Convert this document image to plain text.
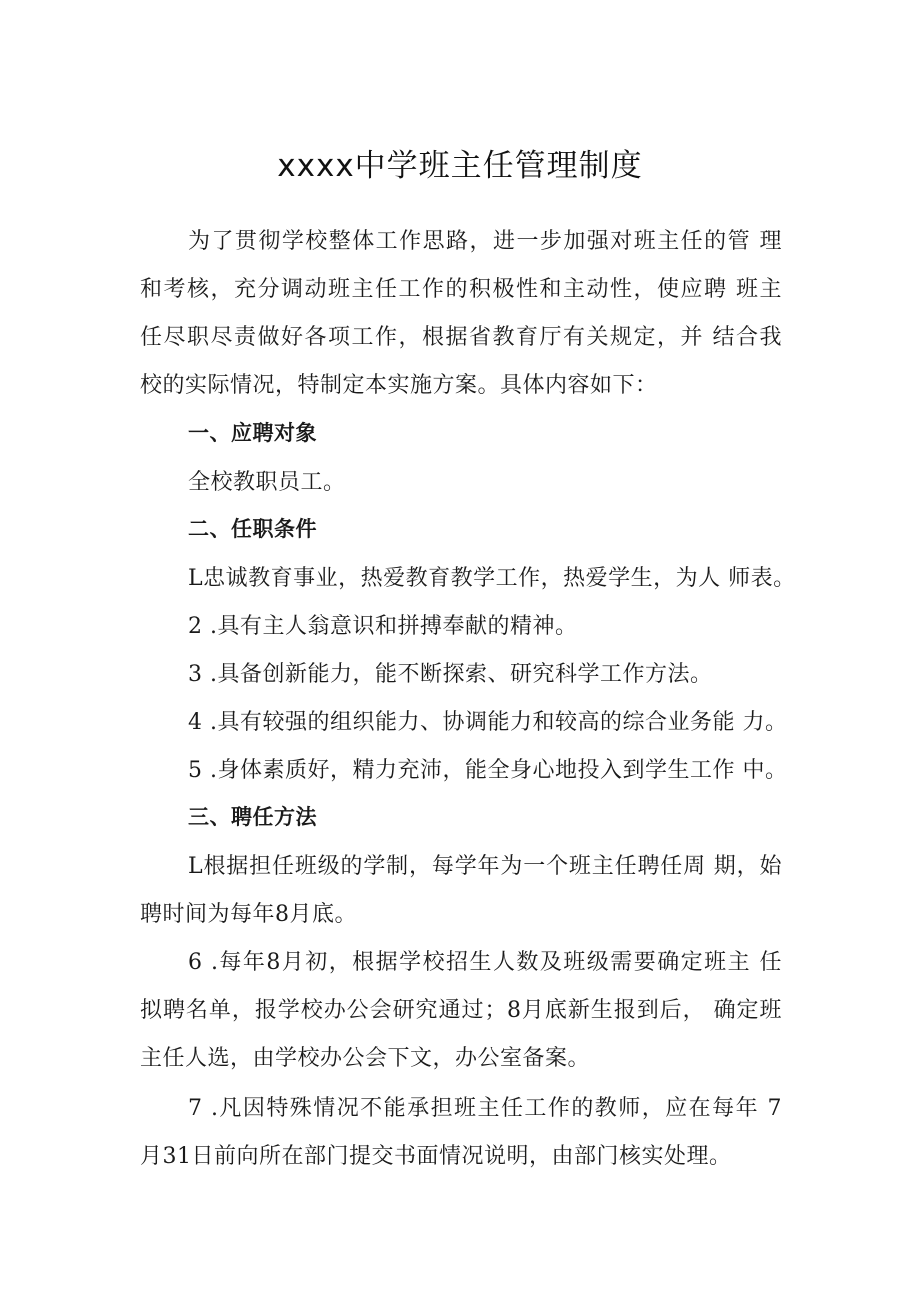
xxxx中学班主任管理制度
为了贯彻学校整体工作思路，进一步加强对班主任的管 理
和考核，充分调动班主任工作的积极性和主动性，使应聘 班主
任尽职尽责做好各项工作，根据省教育厅有关规定，并 结合我
校的实际情况，特制定本实施方案。具体内容如下：
一、应聘对象
全校教职员工。
二、任职条件
L忠诚教育事业，热爱教育教学工作，热爱学生，为人 师表。
2 .具有主人翁意识和拼搏奉献的精神。
3 .具备创新能力，能不断探索、研究科学工作方法。
4 .具有较强的组织能力、协调能力和较高的综合业务能 力。
5 .身体素质好，精力充沛，能全身心地投入到学生工作 中。
三、聘任方法
L根据担任班级的学制，每学年为一个班主任聘任周 期，始
聘时间为每年8月底。
6 .每年8月初，根据学校招生人数及班级需要确定班主 任
拟聘名单，报学校办公会研究通过；8月底新生报到后， 确定班
主任人选，由学校办公会下文，办公室备案。
7 .凡因特殊情况不能承担班主任工作的教师，应在每年 7
月31日前向所在部门提交书面情况说明，由部门核实处理。
